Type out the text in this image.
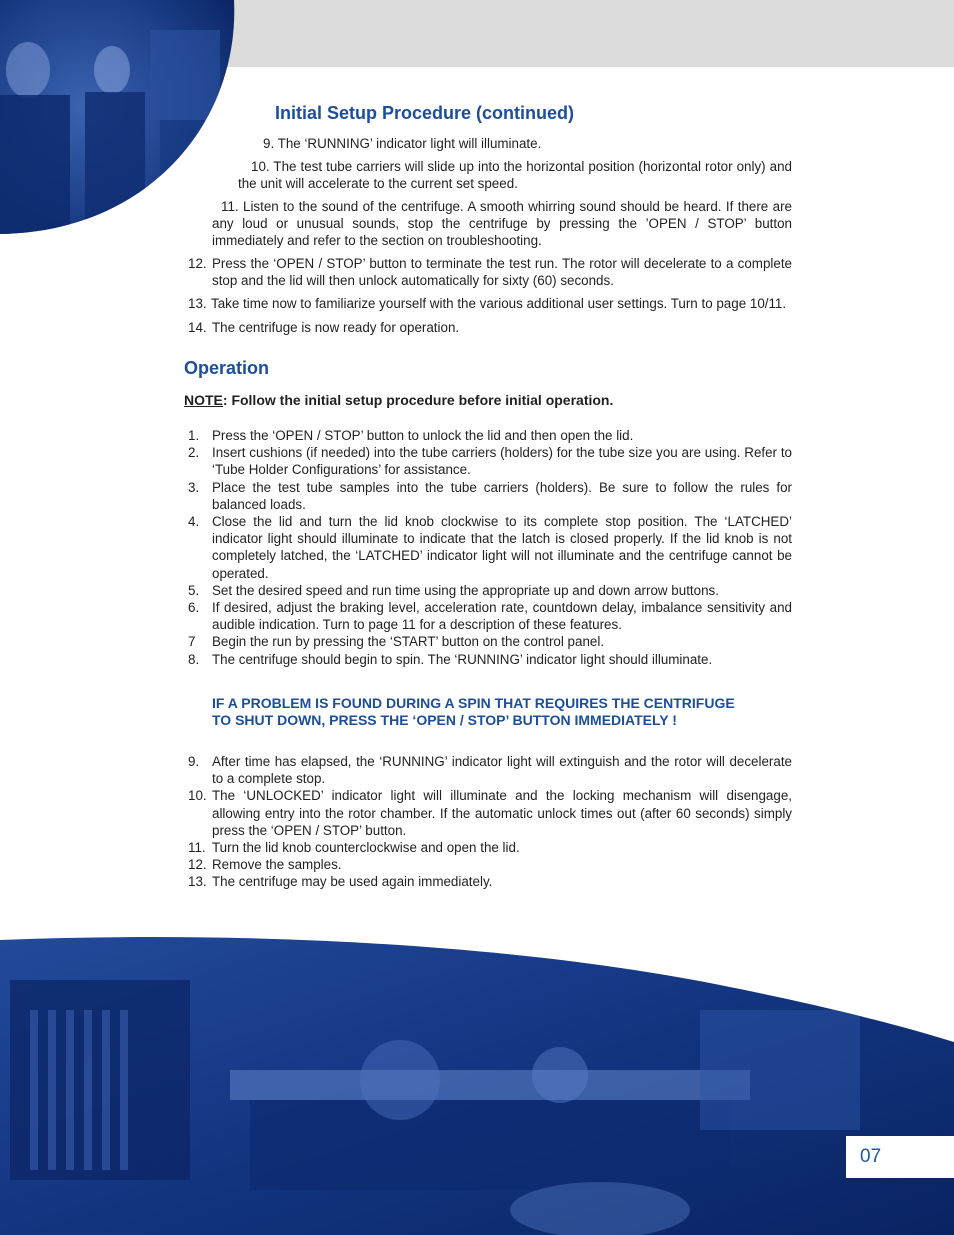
07
Initial Setup Procedure (continued)

9. The ‘RUNNING’ indicator light will illuminate.

10. The test tube carriers will slide up into the horizontal position (horizontal rotor only) and the unit will accelerate to the current set speed.

11. Listen to the sound of the centrifuge. A smooth whirring sound should be heard. If there are any loud or unusual sounds, stop the centrifuge by pressing the ’OPEN / STOP’ button immediately and refer to the section on troubleshooting.

12. Press the ‘OPEN / STOP’ button to terminate the test run. The rotor will decelerate to a complete stop and the lid will then unlock automatically for sixty (60) seconds.
13. Take time now to familiarize yourself with the various additional user settings. Turn to page 10/11.
14. The centrifuge is now ready for operation.
Operation
NOTE: Follow the initial setup procedure before initial operation.
1. Press the ‘OPEN / STOP’ button to unlock the lid and then open the lid.
2. Insert cushions (if needed) into the tube carriers (holders) for the tube size you are using. Refer to ‘Tube Holder Configurations’ for assistance.
3. Place the test tube samples into the tube carriers (holders). Be sure to follow the rules for balanced loads.
4. Close the lid and turn the lid knob clockwise to its complete stop position. The ‘LATCHED’ indicator light should illuminate to indicate that the latch is closed properly. If the lid knob is not completely latched, the ‘LATCHED’ indicator light will not illuminate and the centrifuge cannot be operated.
5. Set the desired speed and run time using the appropriate up and down arrow buttons.
6. If desired, adjust the braking level, acceleration rate, countdown delay, imbalance sensitivity and audible indication. Turn to page 11 for a description of these features.
7 Begin the run by pressing the ‘START’ button on the control panel.
8. The centrifuge should begin to spin. The ‘RUNNING’ indicator light should illuminate.
IF A PROBLEM IS FOUND DURING A SPIN THAT REQUIRES THE CENTRIFUGE
TO SHUT DOWN, PRESS THE ‘OPEN / STOP’ BUTTON IMMEDIATELY !
9. After time has elapsed, the ‘RUNNING’ indicator light will extinguish and the rotor will decelerate to a complete stop.
10. The ‘UNLOCKED’ indicator light will illuminate and the locking mechanism will disengage, allowing entry into the rotor chamber. If the automatic unlock times out (after 60 seconds) simply press the ‘OPEN / STOP’ button.
11. Turn the lid knob counterclockwise and open the lid.
12. Remove the samples.
13. The centrifuge may be used again immediately.
